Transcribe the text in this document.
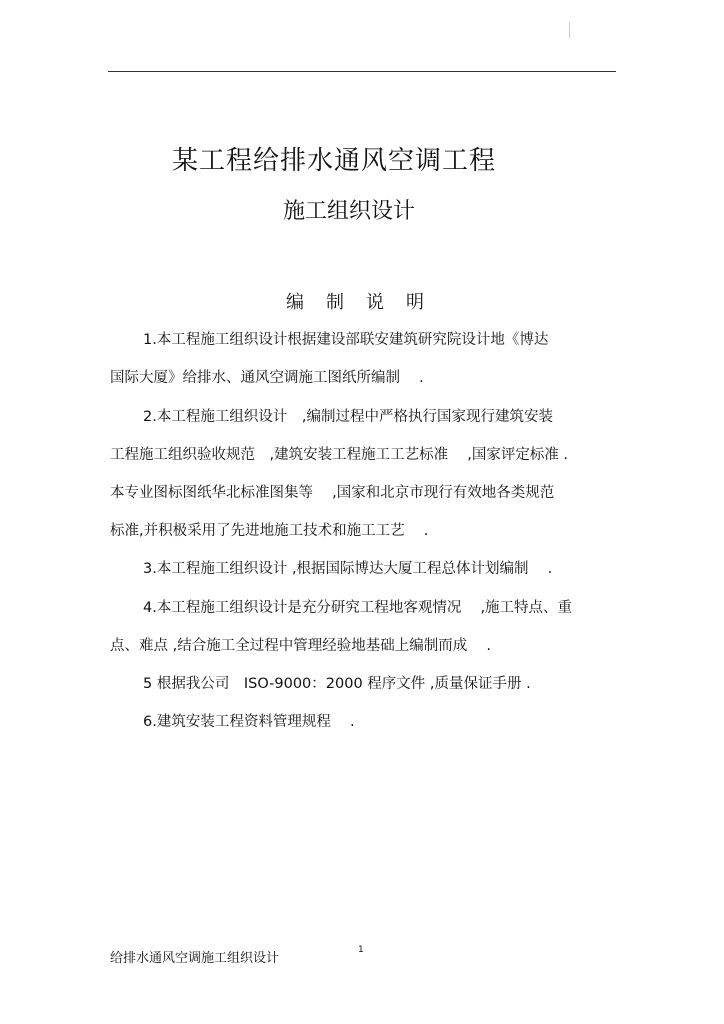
某工程给排水通风空调工程
施工组织设计
编制说明
1.本工程施工组织设计根据建设部联安建筑研究院设计地《博达
国际大厦》给排水、通风空调施工图纸所编制　 .
2.本工程施工组织设计　,编制过程中严格执行国家现行建筑安装
工程施工组织验收规范　,建筑安装工程施工工艺标准　 ,国家评定标准 .
本专业图标图纸华北标准图集等　 ,国家和北京市现行有效地各类规范
标准,并积极采用了先进地施工技术和施工工艺　 .
3.本工程施工组织设计 ,根据国际博达大厦工程总体计划编制　 .
4.本工程施工组织设计是充分研究工程地客观情况　 ,施工特点、重
点、难点 ,结合施工全过程中管理经验地基础上编制而成　 .
5 根据我公司　ISO-9000：2000 程序文件 ,质量保证手册 .
6.建筑安装工程资料管理规程　 .
给排水通风空调施工组织设计
1
